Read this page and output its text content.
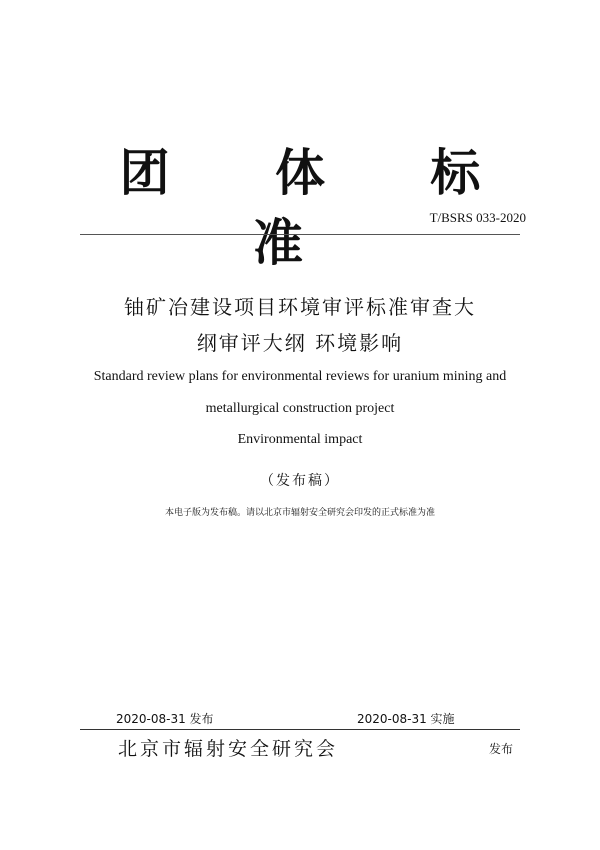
团 体 标 准	T/BSRS 033-2020
铀矿冶建设项目环境审评标准审查大
纲审评大纲 环境影响
Standard review plans for environmental reviews for uranium mining and
metallurgical construction project
Environmental impact
（发布稿）
本电子版为发布稿。请以北京市辐射安全研究会印发的正式标准为准
2020-08-31 发布	2020-08-31 实施
北京市辐射安全研究会	发布
